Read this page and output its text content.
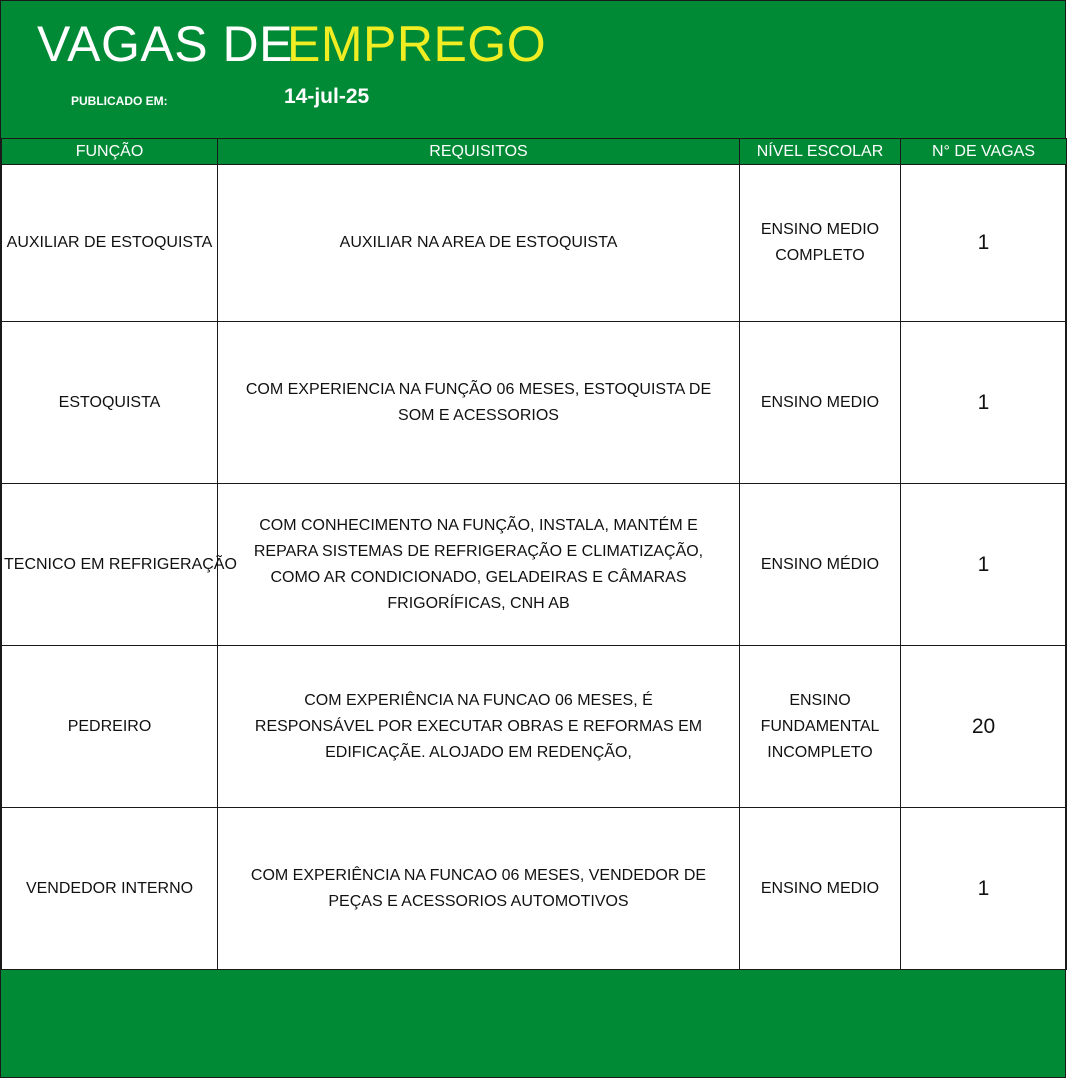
VAGAS DE
EMPREGO
PUBLICADO EM:	14-jul-25
FUNÇÃO	REQUISITOS	NÍVEL ESCOLAR	N° DE VAGAS
AUXILIAR DE ESTOQUISTA	AUXILIAR NA AREA DE ESTOQUISTA	ENSINO MEDIO COMPLETO	1
ESTOQUISTA	COM EXPERIENCIA NA FUNÇÃO 06 MESES, ESTOQUISTA DE SOM E ACESSORIOS	ENSINO MEDIO	1
TECNICO EM REFRIGERAÇÃO	COM CONHECIMENTO NA FUNÇÃO, INSTALA, MANTÉM E REPARA SISTEMAS DE REFRIGERAÇÃO E CLIMATIZAÇÃO, COMO AR CONDICIONADO, GELADEIRAS E CÂMARAS FRIGORÍFICAS, CNH AB	ENSINO MÉDIO	1
PEDREIRO	COM EXPERIÊNCIA NA FUNCAO 06 MESES, É RESPONSÁVEL POR EXECUTAR OBRAS E REFORMAS EM EDIFICAÇÃE. ALOJADO EM REDENÇÃO,	ENSINO FUNDAMENTAL INCOMPLETO	20
VENDEDOR INTERNO	COM EXPERIÊNCIA NA FUNCAO 06 MESES, VENDEDOR DE PEÇAS E ACESSORIOS AUTOMOTIVOS	ENSINO MEDIO	1
